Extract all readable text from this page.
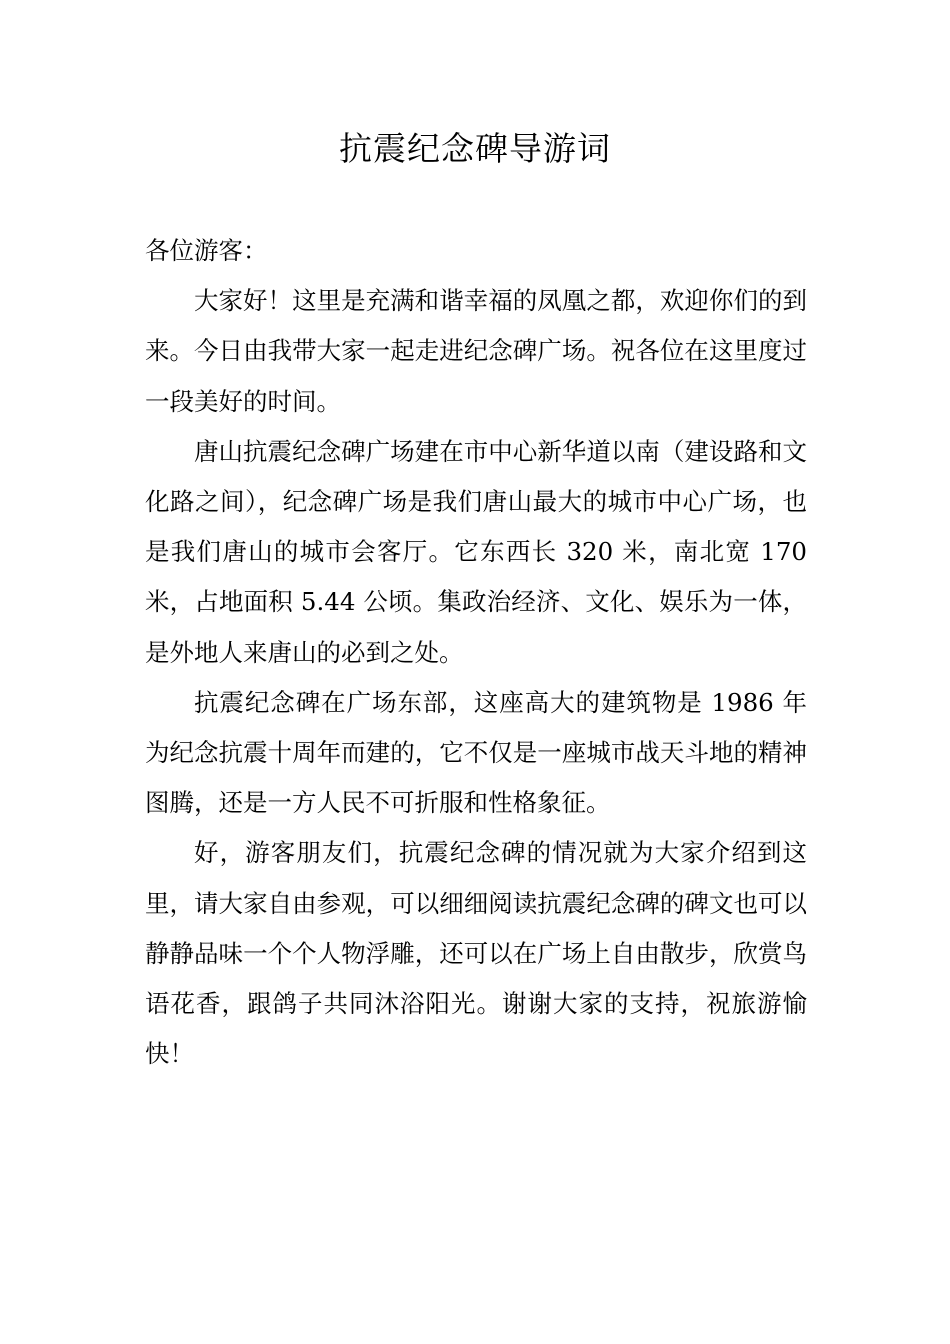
抗震纪念碑导游词

各位游客：

大家好！这里是充满和谐幸福的凤凰之都，欢迎你们的到来。今日由我带大家一起走进纪念碑广场。祝各位在这里度过一段美好的时间。

唐山抗震纪念碑广场建在市中心新华道以南（建设路和文化路之间），纪念碑广场是我们唐山最大的城市中心广场，也是我们唐山的城市会客厅。它东西长 320 米，南北宽 170 米，占地面积 5.44 公顷。集政治经济、文化、娱乐为一体，是外地人来唐山的必到之处。

抗震纪念碑在广场东部，这座高大的建筑物是 1986 年为纪念抗震十周年而建的，它不仅是一座城市战天斗地的精神图腾，还是一方人民不可折服和性格象征。

好，游客朋友们，抗震纪念碑的情况就为大家介绍到这里，请大家自由参观，可以细细阅读抗震纪念碑的碑文也可以静静品味一个个人物浮雕，还可以在广场上自由散步，欣赏鸟语花香，跟鸽子共同沐浴阳光。谢谢大家的支持，祝旅游愉快！
